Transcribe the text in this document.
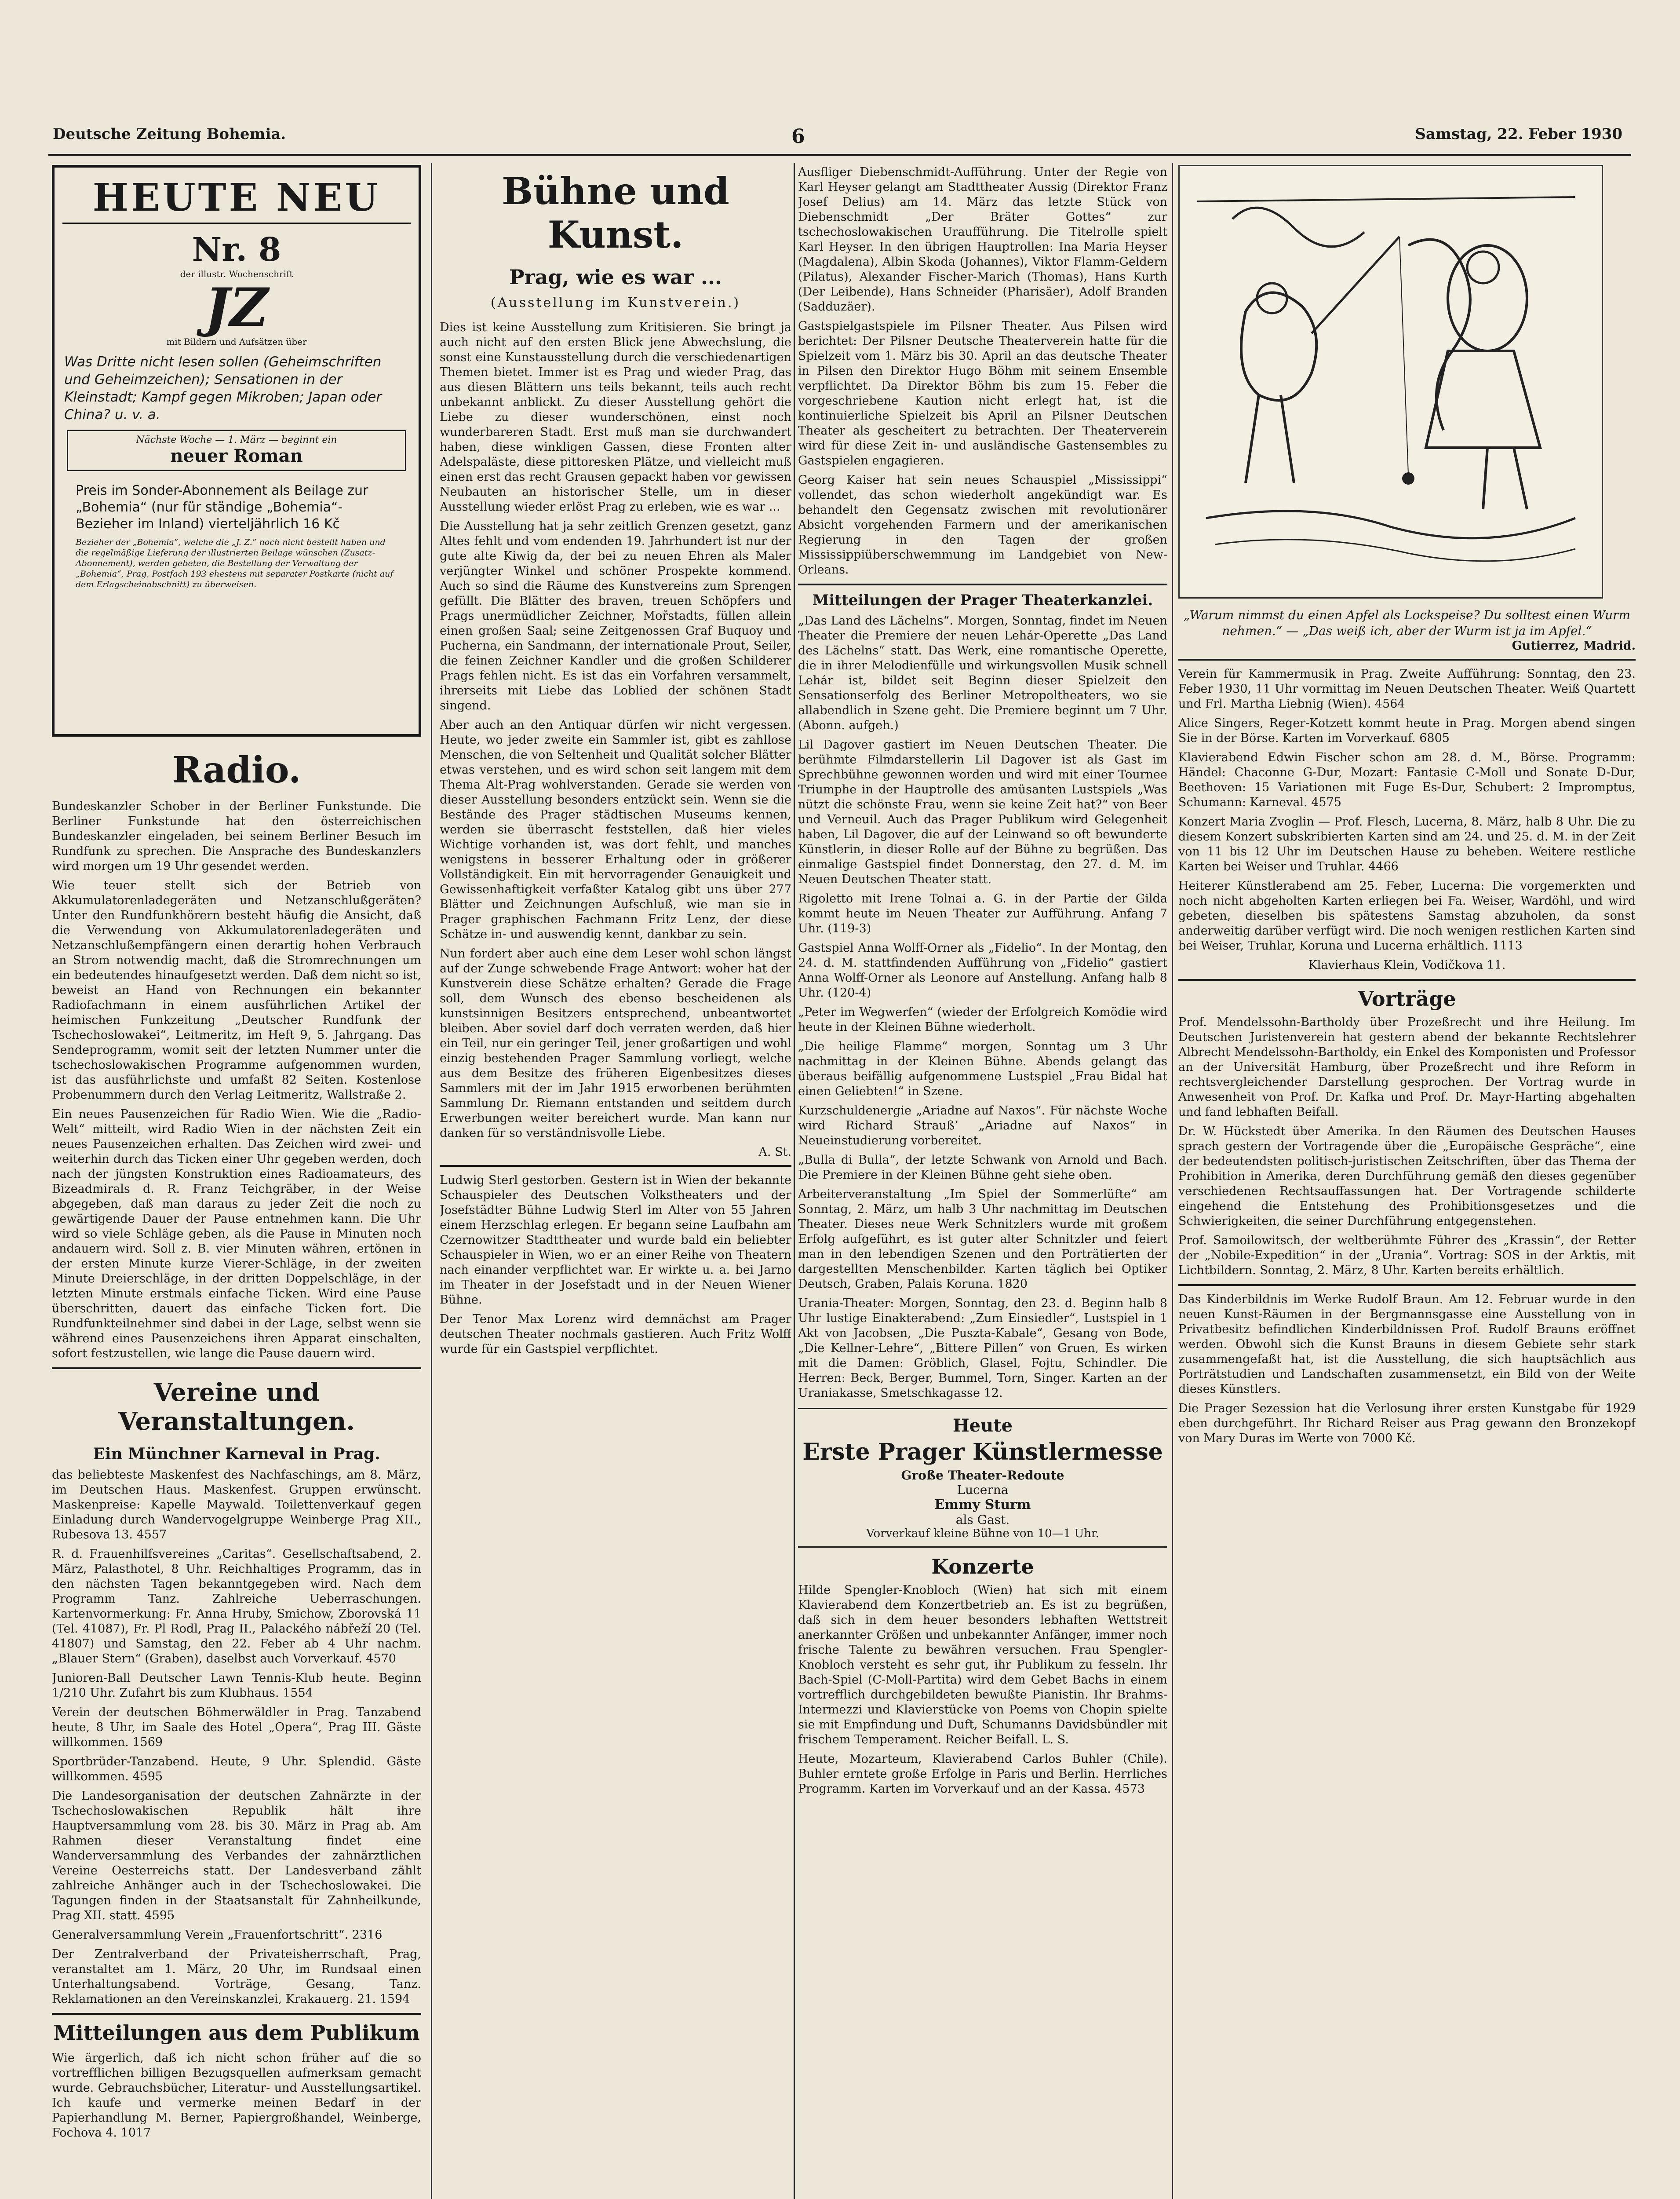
Deutsche Zeitung Bohemia.	6	Samstag, 22. Feber 1930
HEUTE NEU
Nr. 8
der illustr. Wochenschrift
JZ
mit Bildern und Aufsätzen über
Was Dritte nicht lesen sollen (Geheimschriften und Geheimzeichen); Sensationen in der Kleinstadt; Kampf gegen Mikroben; Japan oder China? u. v. a.
Nächste Woche — 1. März — beginnt ein
neuer Roman
Preis im Sonder-Abonnement als Beilage zur „Bohemia“ (nur für ständige „Bohemia“-Bezieher im Inland) vierteljährlich 16 Kč
Bezieher der „Bohemia“, welche die „J. Z.“ noch nicht bestellt haben und die regelmäßige Lieferung der illustrierten Beilage wünschen (Zusatz-Abonnement), werden gebeten, die Bestellung der Verwaltung der „Bohemia“, Prag, Postfach 193 ehestens mit separater Postkarte (nicht auf dem Erlagscheinabschnitt) zu überweisen.
Radio.

Bundeskanzler Schober in der Berliner Funkstunde. Die Berliner Funkstunde hat den österreichischen Bundeskanzler eingeladen, bei seinem Berliner Besuch im Rundfunk zu sprechen. Die Ansprache des Bundeskanzlers wird morgen um 19 Uhr gesendet werden.

Wie teuer stellt sich der Betrieb von Akkumulatorenladegeräten und Netzanschlußgeräten? Unter den Rundfunkhörern besteht häufig die Ansicht, daß die Verwendung von Akkumulatorenladegeräten und Netzanschlußempfängern einen derartig hohen Verbrauch an Strom notwendig macht, daß die Stromrechnungen um ein bedeutendes hinaufgesetzt werden. Daß dem nicht so ist, beweist an Hand von Rechnungen ein bekannter Radiofachmann in einem ausführlichen Artikel der heimischen Funkzeitung „Deutscher Rundfunk der Tschechoslowakei“, Leitmeritz, im Heft 9, 5. Jahrgang. Das Sendeprogramm, womit seit der letzten Nummer unter die tschechoslowakischen Programme aufgenommen wurden, ist das ausführlichste und umfaßt 82 Seiten. Kostenlose Probenummern durch den Verlag Leitmeritz, Wallstraße 2.

Ein neues Pausenzeichen für Radio Wien. Wie die „Radio-Welt“ mitteilt, wird Radio Wien in der nächsten Zeit ein neues Pausenzeichen erhalten. Das Zeichen wird zwei- und weiterhin durch das Ticken einer Uhr gegeben werden, doch nach der jüngsten Konstruktion eines Radioamateurs, des Bizeadmirals d. R. Franz Teichgräber, in der Weise abgegeben, daß man daraus zu jeder Zeit die noch zu gewärtigende Dauer der Pause entnehmen kann. Die Uhr wird so viele Schläge geben, als die Pause in Minuten noch andauern wird. Soll z. B. vier Minuten währen, ertönen in der ersten Minute kurze Vierer-Schläge, in der zweiten Minute Dreierschläge, in der dritten Doppelschläge, in der letzten Minute erstmals einfache Ticken. Wird eine Pause überschritten, dauert das einfache Ticken fort. Die Rundfunkteilnehmer sind dabei in der Lage, selbst wenn sie während eines Pausenzeichens ihren Apparat einschalten, sofort festzustellen, wie lange die Pause dauern wird.

Vereine und Veranstaltungen.
Ein Münchner Karneval in Prag.

das beliebteste Maskenfest des Nachfaschings, am 8. März, im Deutschen Haus. Maskenfest. Gruppen erwünscht. Maskenpreise: Kapelle Maywald. Toilettenverkauf gegen Einladung durch Wandervogelgruppe Weinberge Prag XII., Rubesova 13. 4557

R. d. Frauenhilfsvereines „Caritas“. Gesellschaftsabend, 2. März, Palasthotel, 8 Uhr. Reichhaltiges Programm, das in den nächsten Tagen bekanntgegeben wird. Nach dem Programm Tanz. Zahlreiche Ueberraschungen. Kartenvormerkung: Fr. Anna Hruby, Smichow, Zborovská 11 (Tel. 41087), Fr. Pl Rodl, Prag II., Palackého nábřeží 20 (Tel. 41807) und Samstag, den 22. Feber ab 4 Uhr nachm. „Blauer Stern“ (Graben), daselbst auch Vorverkauf. 4570

Junioren-Ball Deutscher Lawn Tennis-Klub heute. Beginn 1/210 Uhr. Zufahrt bis zum Klubhaus. 1554

Verein der deutschen Böhmerwäldler in Prag. Tanzabend heute, 8 Uhr, im Saale des Hotel „Opera“, Prag III. Gäste willkommen. 1569

Sportbrüder-Tanzabend. Heute, 9 Uhr. Splendid. Gäste willkommen. 4595

Die Landesorganisation der deutschen Zahnärzte in der Tschechoslowakischen Republik hält ihre Hauptversammlung vom 28. bis 30. März in Prag ab. Am Rahmen dieser Veranstaltung findet eine Wanderversammlung des Verbandes der zahnärztlichen Vereine Oesterreichs statt. Der Landesverband zählt zahlreiche Anhänger auch in der Tschechoslowakei. Die Tagungen finden in der Staatsanstalt für Zahnheilkunde, Prag XII. statt. 4595

Generalversammlung Verein „Frauenfortschritt“. 2316

Der Zentralverband der Privateisherrschaft, Prag, veranstaltet am 1. März, 20 Uhr, im Rundsaal einen Unterhaltungsabend. Vorträge, Gesang, Tanz. Reklamationen an den Vereinskanzlei, Krakauerg. 21. 1594

Mitteilungen aus dem Publikum

Wie ärgerlich, daß ich nicht schon früher auf die so vortrefflichen billigen Bezugsquellen aufmerksam gemacht wurde. Gebrauchsbücher, Literatur- und Ausstellungsartikel. Ich kaufe und vermerke meinen Bedarf in der Papierhandlung M. Berner, Papiergroßhandel, Weinberge, Fochova 4. 1017

Bühne und Kunst.
Prag, wie es war ...
(Ausstellung im Kunstverein.)

Dies ist keine Ausstellung zum Kritisieren. Sie bringt ja auch nicht auf den ersten Blick jene Abwechslung, die sonst eine Kunstausstellung durch die verschiedenartigen Themen bietet. Immer ist es Prag und wieder Prag, das aus diesen Blättern uns teils bekannt, teils auch recht unbekannt anblickt. Zu dieser Ausstellung gehört die Liebe zu dieser wunderschönen, einst noch wunderbareren Stadt. Erst muß man sie durchwandert haben, diese winkligen Gassen, diese Fronten alter Adelspaläste, diese pittoresken Plätze, und vielleicht muß einen erst das recht Grausen gepackt haben vor gewissen Neubauten an historischer Stelle, um in dieser Ausstellung wieder erlöst Prag zu erleben, wie es war ...

Die Ausstellung hat ja sehr zeitlich Grenzen gesetzt, ganz Altes fehlt und vom endenden 19. Jahrhundert ist nur der gute alte Kiwig da, der bei zu neuen Ehren als Maler verjüngter Winkel und schöner Prospekte kommend. Auch so sind die Räume des Kunstvereins zum Sprengen gefüllt. Die Blätter des braven, treuen Schöpfers und Prags unermüdlicher Zeichner, Mořstadts, füllen allein einen großen Saal; seine Zeitgenossen Graf Buquoy und Pucherna, ein Sandmann, der internationale Prout, Seiler, die feinen Zeichner Kandler und die großen Schilderer Prags fehlen nicht. Es ist das ein Vorfahren versammelt, ihrerseits mit Liebe das Loblied der schönen Stadt singend.

Aber auch an den Antiquar dürfen wir nicht vergessen. Heute, wo jeder zweite ein Sammler ist, gibt es zahllose Menschen, die von Seltenheit und Qualität solcher Blätter etwas verstehen, und es wird schon seit langem mit dem Thema Alt-Prag wohlverstanden. Gerade sie werden von dieser Ausstellung besonders entzückt sein. Wenn sie die Bestände des Prager städtischen Museums kennen, werden sie überrascht feststellen, daß hier vieles Wichtige vorhanden ist, was dort fehlt, und manches wenigstens in besserer Erhaltung oder in größerer Vollständigkeit. Ein mit hervorragender Genauigkeit und Gewissenhaftigkeit verfaßter Katalog gibt uns über 277 Blätter und Zeichnungen Aufschluß, wie man sie in Prager graphischen Fachmann Fritz Lenz, der diese Schätze in- und auswendig kennt, dankbar zu sein.

Nun fordert aber auch eine dem Leser wohl schon längst auf der Zunge schwebende Frage Antwort: woher hat der Kunstverein diese Schätze erhalten? Gerade die Frage soll, dem Wunsch des ebenso bescheidenen als kunstsinnigen Besitzers entsprechend, unbeantwortet bleiben. Aber soviel darf doch verraten werden, daß hier ein Teil, nur ein geringer Teil, jener großartigen und wohl einzig bestehenden Prager Sammlung vorliegt, welche aus dem Besitze des früheren Eigenbesitzes dieses Sammlers mit der im Jahr 1915 erworbenen berühmten Sammlung Dr. Riemann entstanden und seitdem durch Erwerbungen weiter bereichert wurde. Man kann nur danken für so verständnisvolle Liebe.

A. St.

Ludwig Sterl gestorben. Gestern ist in Wien der bekannte Schauspieler des Deutschen Volkstheaters und der Josefstädter Bühne Ludwig Sterl im Alter von 55 Jahren einem Herzschlag erlegen. Er begann seine Laufbahn am Czernowitzer Stadttheater und wurde bald ein beliebter Schauspieler in Wien, wo er an einer Reihe von Theatern nach einander verpflichtet war. Er wirkte u. a. bei Jarno im Theater in der Josefstadt und in der Neuen Wiener Bühne.

Der Tenor Max Lorenz wird demnächst am Prager deutschen Theater nochmals gastieren. Auch Fritz Wolff wurde für ein Gastspiel verpflichtet.

Ausfliger Diebenschmidt-Aufführung. Unter der Regie von Karl Heyser gelangt am Stadttheater Aussig (Direktor Franz Josef Delius) am 14. März das letzte Stück von Diebenschmidt „Der Bräter Gottes“ zur tschechoslowakischen Uraufführung. Die Titelrolle spielt Karl Heyser. In den übrigen Hauptrollen: Ina Maria Heyser (Magdalena), Albin Skoda (Johannes), Viktor Flamm-Geldern (Pilatus), Alexander Fischer-Marich (Thomas), Hans Kurth (Der Leibende), Hans Schneider (Pharisäer), Adolf Branden (Sadduzäer).

Gastspielgastspiele im Pilsner Theater. Aus Pilsen wird berichtet: Der Pilsner Deutsche Theaterverein hatte für die Spielzeit vom 1. März bis 30. April an das deutsche Theater in Pilsen den Direktor Hugo Böhm mit seinem Ensemble verpflichtet. Da Direktor Böhm bis zum 15. Feber die vorgeschriebene Kaution nicht erlegt hat, ist die kontinuierliche Spielzeit bis April an Pilsner Deutschen Theater als gescheitert zu betrachten. Der Theaterverein wird für diese Zeit in- und ausländische Gastensembles zu Gastspielen engagieren.

Georg Kaiser hat sein neues Schauspiel „Mississippi“ vollendet, das schon wiederholt angekündigt war. Es behandelt den Gegensatz zwischen mit revolutionärer Absicht vorgehenden Farmern und der amerikanischen Regierung in den Tagen der großen Mississippiüberschwemmung im Landgebiet von New-Orleans.

Mitteilungen der Prager Theaterkanzlei.

„Das Land des Lächelns“. Morgen, Sonntag, findet im Neuen Theater die Premiere der neuen Lehár-Operette „Das Land des Lächelns“ statt. Das Werk, eine romantische Operette, die in ihrer Melodienfülle und wirkungsvollen Musik schnell Lehár ist, bildet seit Beginn dieser Spielzeit den Sensationserfolg des Berliner Metropoltheaters, wo sie allabendlich in Szene geht. Die Premiere beginnt um 7 Uhr. (Abonn. aufgeh.)

Lil Dagover gastiert im Neuen Deutschen Theater. Die berühmte Filmdarstellerin Lil Dagover ist als Gast im Sprechbühne gewonnen worden und wird mit einer Tournee Triumphe in der Hauptrolle des amüsanten Lustspiels „Was nützt die schönste Frau, wenn sie keine Zeit hat?“ von Beer und Verneuil. Auch das Prager Publikum wird Gelegenheit haben, Lil Dagover, die auf der Leinwand so oft bewunderte Künstlerin, in dieser Rolle auf der Bühne zu begrüßen. Das einmalige Gastspiel findet Donnerstag, den 27. d. M. im Neuen Deutschen Theater statt.

Rigoletto mit Irene Tolnai a. G. in der Partie der Gilda kommt heute im Neuen Theater zur Aufführung. Anfang 7 Uhr. (119-3)

Gastspiel Anna Wolff-Orner als „Fidelio“. In der Montag, den 24. d. M. stattfindenden Aufführung von „Fidelio“ gastiert Anna Wolff-Orner als Leonore auf Anstellung. Anfang halb 8 Uhr. (120-4)

„Peter im Wegwerfen“ (wieder der Erfolgreich Komödie wird heute in der Kleinen Bühne wiederholt.

„Die heilige Flamme“ morgen, Sonntag um 3 Uhr nachmittag in der Kleinen Bühne. Abends gelangt das überaus beifällig aufgenommene Lustspiel „Frau Bidal hat einen Geliebten!“ in Szene.

Kurzschuldenergie „Ariadne auf Naxos“. Für nächste Woche wird Richard Strauß’ „Ariadne auf Naxos“ in Neueinstudierung vorbereitet.

„Bulla di Bulla“, der letzte Schwank von Arnold und Bach. Die Premiere in der Kleinen Bühne geht siehe oben.

Arbeiterveranstaltung „Im Spiel der Sommerlüfte“ am Sonntag, 2. März, um halb 3 Uhr nachmittag im Deutschen Theater. Dieses neue Werk Schnitzlers wurde mit großem Erfolg aufgeführt, es ist guter alter Schnitzler und feiert man in den lebendigen Szenen und den Porträtierten der dargestellten Menschenbilder. Karten täglich bei Optiker Deutsch, Graben, Palais Koruna. 1820

Urania-Theater: Morgen, Sonntag, den 23. d. Beginn halb 8 Uhr lustige Einakterabend: „Zum Einsiedler“, Lustspiel in 1 Akt von Jacobsen, „Die Puszta-Kabale“, Gesang von Bode, „Die Kellner-Lehre“, „Bittere Pillen“ von Gruen, Es wirken mit die Damen: Gröblich, Glasel, Fojtu, Schindler. Die Herren: Beck, Berger, Bummel, Torn, Singer. Karten an der Uraniakasse, Smetschkagasse 12.

Heute
Erste Prager Künstlermesse
Große Theater-Redoute
Lucerna
Emmy Sturm
als Gast.
Vorverkauf kleine Bühne von 10—1 Uhr.
Konzerte

Hilde Spengler-Knobloch (Wien) hat sich mit einem Klavierabend dem Konzertbetrieb an. Es ist zu begrüßen, daß sich in dem heuer besonders lebhaften Wettstreit anerkannter Größen und unbekannter Anfänger, immer noch frische Talente zu bewähren versuchen. Frau Spengler-Knobloch versteht es sehr gut, ihr Publikum zu fesseln. Ihr Bach-Spiel (C-Moll-Partita) wird dem Gebet Bachs in einem vortrefflich durchgebildeten bewußte Pianistin. Ihr Brahms-Intermezzi und Klavierstücke von Poems von Chopin spielte sie mit Empfindung und Duft, Schumanns Davidsbündler mit frischem Temperament. Reicher Beifall. L. S.

Heute, Mozarteum, Klavierabend Carlos Buhler (Chile). Buhler erntete große Erfolge in Paris und Berlin. Herrliches Programm. Karten im Vorverkauf und an der Kassa. 4573

„Warum nimmst du einen Apfel als Lockspeise? Du solltest einen Wurm nehmen.“ — „Das weiß ich, aber der Wurm ist ja im Apfel.“
Gutierrez, Madrid.

Verein für Kammermusik in Prag. Zweite Aufführung: Sonntag, den 23. Feber 1930, 11 Uhr vormittag im Neuen Deutschen Theater. Weiß Quartett und Frl. Martha Liebnig (Wien). 4564

Alice Singers, Reger-Kotzett kommt heute in Prag. Morgen abend singen Sie in der Börse. Karten im Vorverkauf. 6805

Klavierabend Edwin Fischer schon am 28. d. M., Börse. Programm: Händel: Chaconne G-Dur, Mozart: Fantasie C-Moll und Sonate D-Dur, Beethoven: 15 Variationen mit Fuge Es-Dur, Schubert: 2 Impromptus, Schumann: Karneval. 4575

Konzert Maria Zvoglin — Prof. Flesch, Lucerna, 8. März, halb 8 Uhr. Die zu diesem Konzert subskribierten Karten sind am 24. und 25. d. M. in der Zeit von 11 bis 12 Uhr im Deutschen Hause zu beheben. Weitere restliche Karten bei Weiser und Truhlar. 4466

Heiterer Künstlerabend am 25. Feber, Lucerna: Die vorgemerkten und noch nicht abgeholten Karten erliegen bei Fa. Weiser, Wardöhl, und wird gebeten, dieselben bis spätestens Samstag abzuholen, da sonst anderweitig darüber verfügt wird. Die noch wenigen restlichen Karten sind bei Weiser, Truhlar, Koruna und Lucerna erhältlich. 1113

Klavierhaus Klein, Vodičkova 11.

Vorträge

Prof. Mendelssohn-Bartholdy über Prozeßrecht und ihre Heilung. Im Deutschen Juristenverein hat gestern abend der bekannte Rechtslehrer Albrecht Mendelssohn-Bartholdy, ein Enkel des Komponisten und Professor an der Universität Hamburg, über Prozeßrecht und ihre Reform in rechtsvergleichender Darstellung gesprochen. Der Vortrag wurde in Anwesenheit von Prof. Dr. Kafka und Prof. Dr. Mayr-Harting abgehalten und fand lebhaften Beifall.

Dr. W. Hückstedt über Amerika. In den Räumen des Deutschen Hauses sprach gestern der Vortragende über die „Europäische Gespräche“, eine der bedeutendsten politisch-juristischen Zeitschriften, über das Thema der Prohibition in Amerika, deren Durchführung gemäß den dieses gegenüber verschiedenen Rechtsauffassungen hat. Der Vortragende schilderte eingehend die Entstehung des Prohibitionsgesetzes und die Schwierigkeiten, die seiner Durchführung entgegenstehen.

Prof. Samoilowitsch, der weltberühmte Führer des „Krassin“, der Retter der „Nobile-Expedition“ in der „Urania“. Vortrag: SOS in der Arktis, mit Lichtbildern. Sonntag, 2. März, 8 Uhr. Karten bereits erhältlich.

Das Kinderbildnis im Werke Rudolf Braun. Am 12. Februar wurde in den neuen Kunst-Räumen in der Bergmannsgasse eine Ausstellung von in Privatbesitz befindlichen Kinderbildnissen Prof. Rudolf Brauns eröffnet werden. Obwohl sich die Kunst Brauns in diesem Gebiete sehr stark zusammengefaßt hat, ist die Ausstellung, die sich hauptsächlich aus Porträtstudien und Landschaften zusammensetzt, ein Bild von der Weite dieses Künstlers.

Die Prager Sezession hat die Verlosung ihrer ersten Kunstgabe für 1929 eben durchgeführt. Ihr Richard Reiser aus Prag gewann den Bronzekopf von Mary Duras im Werte von 7000 Kč.
